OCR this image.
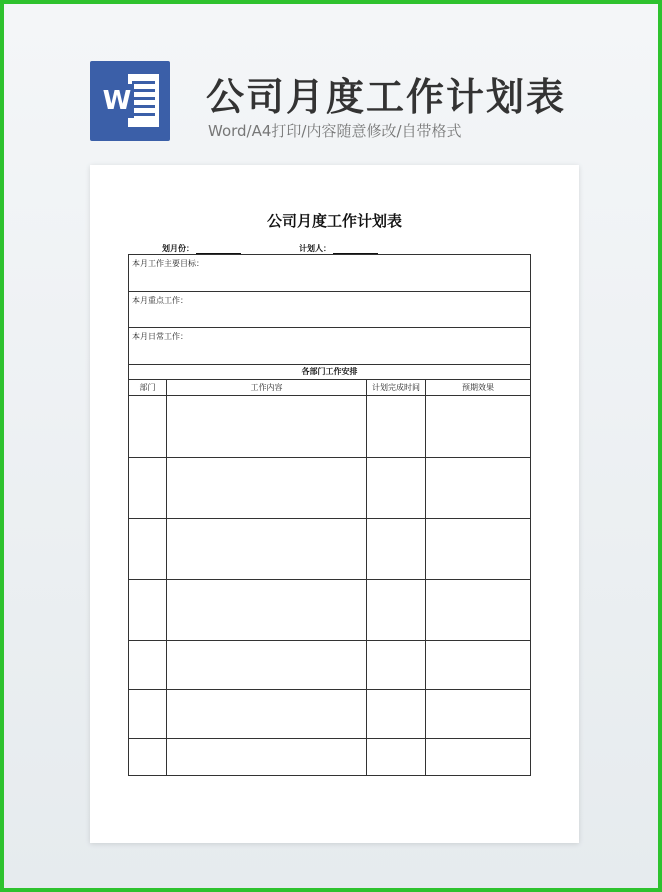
W 公司月度工作计划表
Word/A4打印/内容随意修改/自带格式
公司月度工作计划表
划月份：	计划人：
本月工作主要目标：
本月重点工作：
本月日常工作：
各部门工作安排
部门	工作内容	计划完成时间	预期效果
